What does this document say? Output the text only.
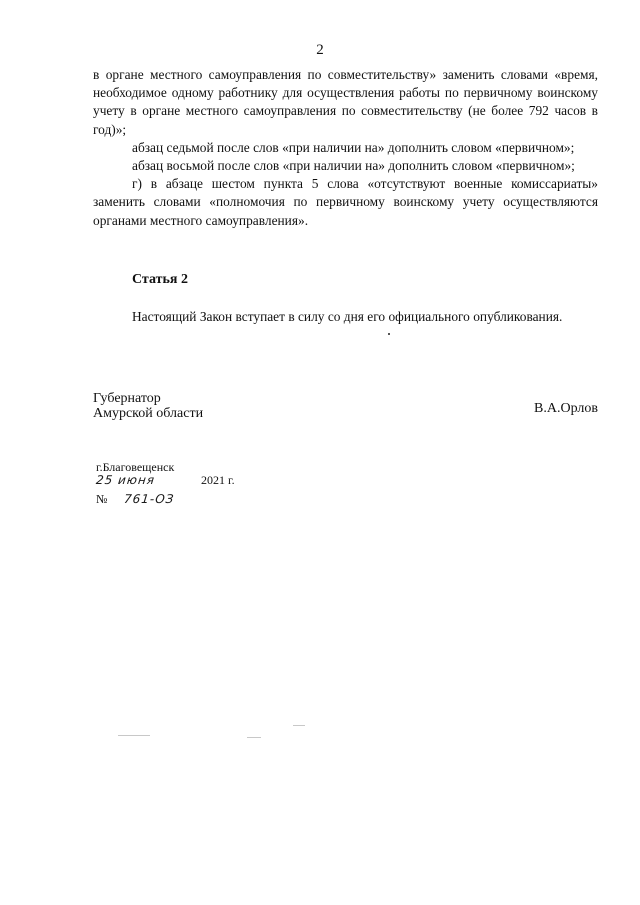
2

в органе местного самоуправления по совместительству» заменить словами «время, необходимое одному работнику для осуществления работы по первичному воинскому учету в органе местного самоуправления по совместительству (не более 792 часов в год)»;

абзац седьмой после слов «при наличии на» дополнить словом «первичном»;

абзац восьмой после слов «при наличии на» дополнить словом «первичном»;

г) в абзаце шестом пункта 5 слова «отсутствуют военные комиссариаты» заменить словами «полномочия по первичному воинскому учету осуществляются органами местного самоуправления».

Статья 2
Настоящий Закон вступает в силу со дня его официального опубликования.
Губернатор
Амурской области	В.А.Орлов
г.Благовещенск
25 июня	2021 г.
№ 761-ОЗ
